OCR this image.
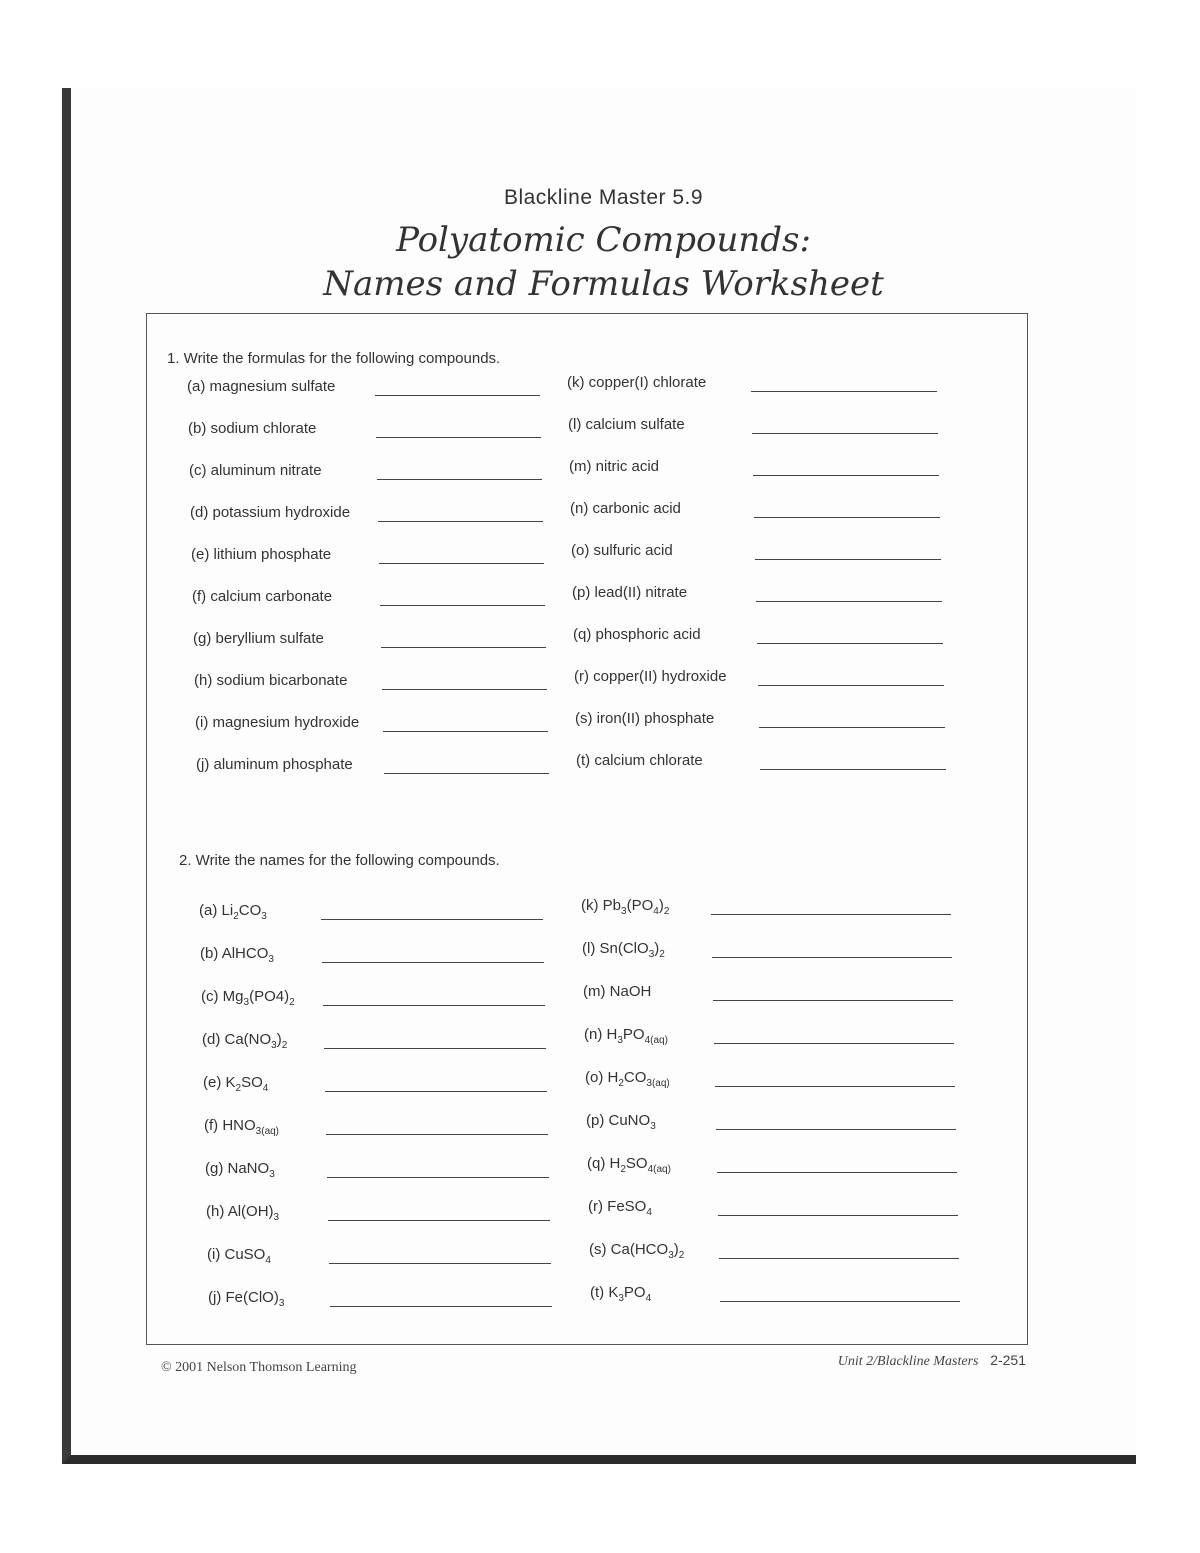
Blackline Master 5.9
Polyatomic Compounds:
Names and Formulas Worksheet
1. Write the formulas for the following compounds.
(a) magnesium sulfate
(b) sodium chlorate
(c) aluminum nitrate
(d) potassium hydroxide
(e) lithium phosphate
(f) calcium carbonate
(g) beryllium sulfate
(h) sodium bicarbonate
(i) magnesium hydroxide
(j) aluminum phosphate
(k) copper(I) chlorate
(l) calcium sulfate
(m) nitric acid
(n) carbonic acid
(o) sulfuric acid
(p) lead(II) nitrate
(q) phosphoric acid
(r) copper(II) hydroxide
(s) iron(II) phosphate
(t) calcium chlorate
2. Write the names for the following compounds.
(a) $Li_2CO_3$
(b) AlHCO$_3$
(c) $Mg_3(PO4)_2$
(d) $Ca(NO_3)_2$
(e) $K_2SO_4$
(f) $HNO_{3(aq)}$
(g) NaNO$_3$
(h) $Al(OH)_3$
(i) CuSO$_4$
(j) $Fe(ClO)_3$
(k) $Pb_3(PO_4)_2$
(l) $Sn(ClO_3)_2$
(m) NaOH
(n) $H_3PO_{4(aq)}$
(o) $H_2CO_{3(aq)}$
(p) CuNO$_3$
(q) $H_2SO_{4(aq)}$
(r) FeSO$_4$
(s) $Ca(HCO_3)_2$
(t) $K_3PO_4$
© 2001 Nelson Thomson Learning	Unit 2/Blackline Masters 2-251
